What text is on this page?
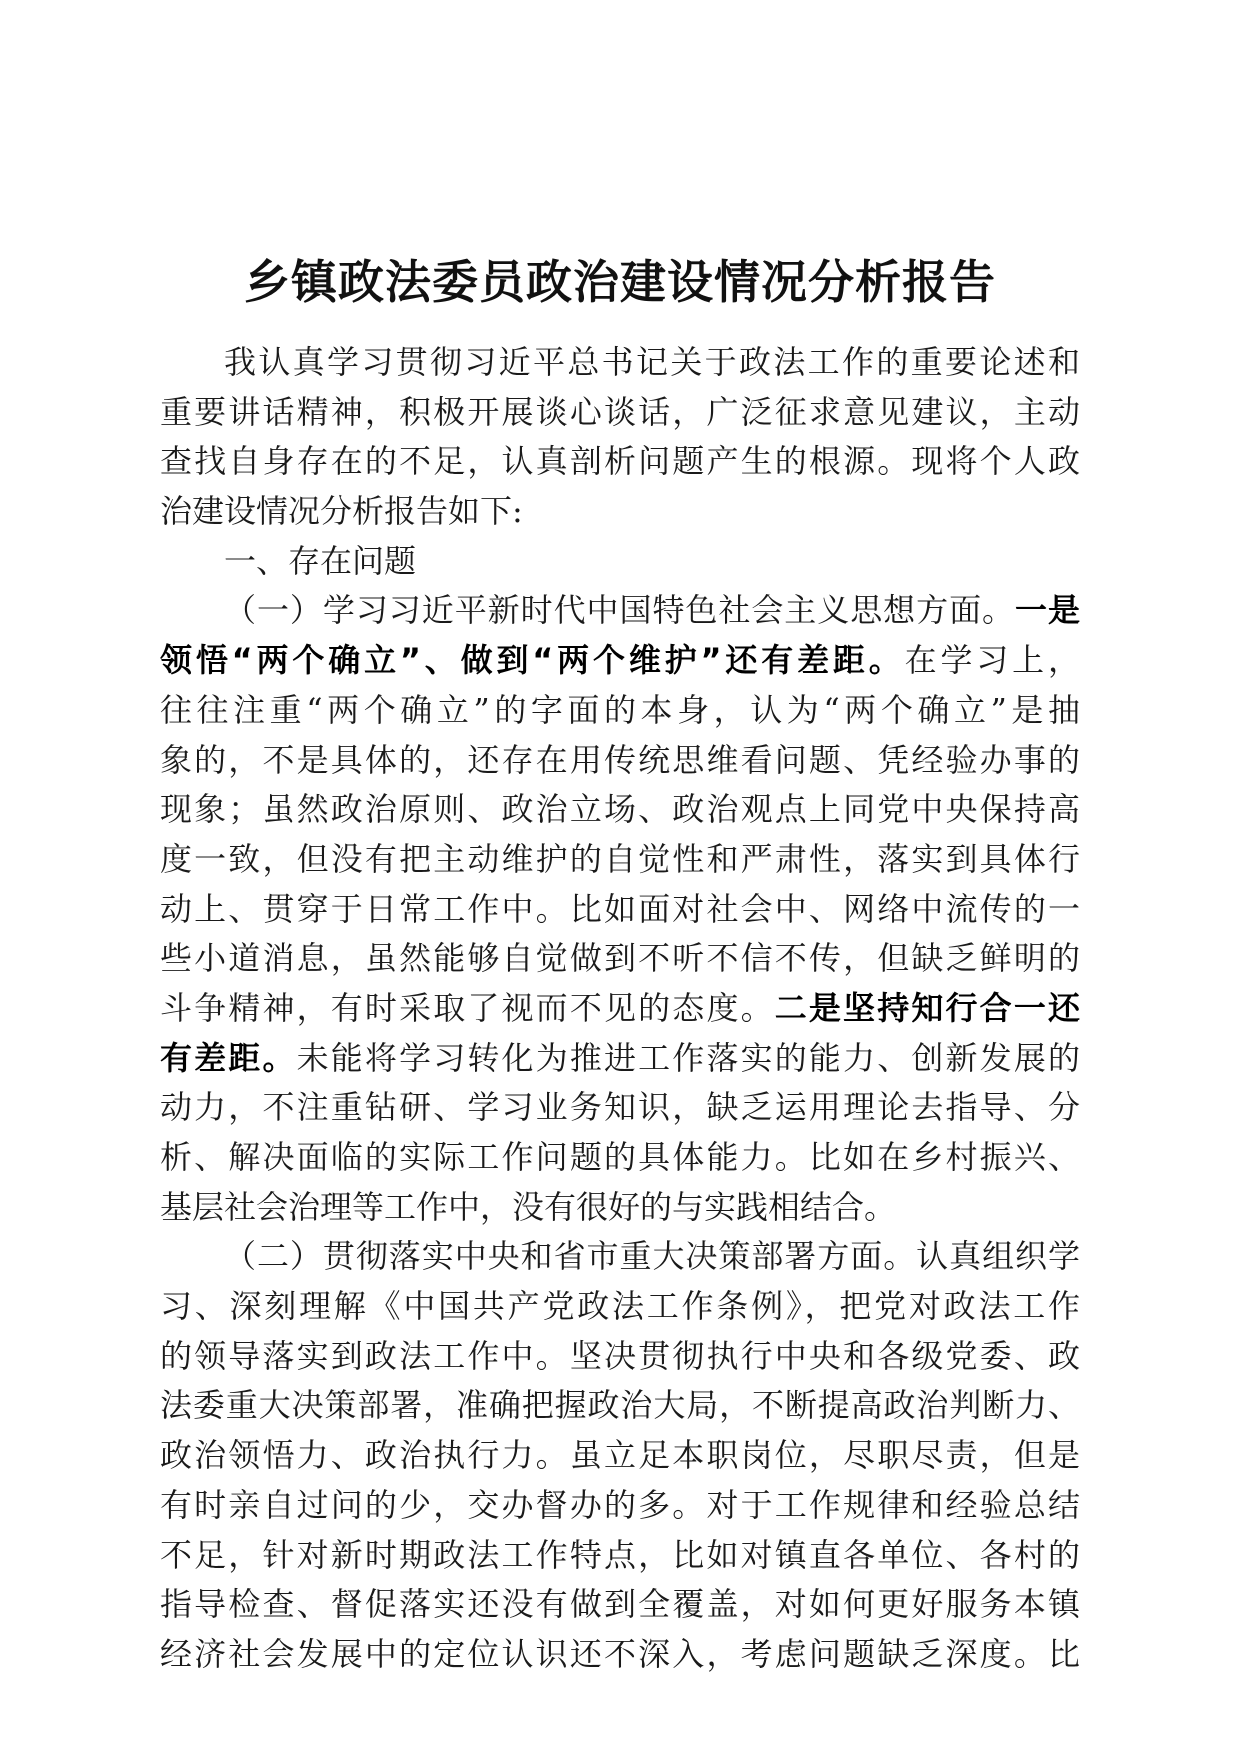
乡镇政法委员政治建设情况分析报告
我认真学习贯彻习近平总书记关于政法工作的重要论述和
重要讲话精神，积极开展谈心谈话，广泛征求意见建议，主动
查找自身存在的不足，认真剖析问题产生的根源。现将个人政
治建设情况分析报告如下:
一、存在问题
（一）学习习近平新时代中国特色社会主义思想方面。一是
领悟“两个确立”、做到“两个维护”还有差距。在学习上，
往往注重“两个确立”的字面的本身，认为“两个确立”是抽
象的，不是具体的，还存在用传统思维看问题、凭经验办事的
现象；虽然政治原则、政治立场、政治观点上同党中央保持高
度一致，但没有把主动维护的自觉性和严肃性，落实到具体行
动上、贯穿于日常工作中。比如面对社会中、网络中流传的一
些小道消息，虽然能够自觉做到不听不信不传，但缺乏鲜明的
斗争精神，有时采取了视而不见的态度。二是坚持知行合一还
有差距。未能将学习转化为推进工作落实的能力、创新发展的
动力，不注重钻研、学习业务知识，缺乏运用理论去指导、分
析、解决面临的实际工作问题的具体能力。比如在乡村振兴、
基层社会治理等工作中，没有很好的与实践相结合。
（二）贯彻落实中央和省市重大决策部署方面。认真组织学
习、深刻理解《中国共产党政法工作条例》，把党对政法工作
的领导落实到政法工作中。坚决贯彻执行中央和各级党委、政
法委重大决策部署，准确把握政治大局，不断提高政治判断力、
政治领悟力、政治执行力。虽立足本职岗位，尽职尽责，但是
有时亲自过问的少，交办督办的多。对于工作规律和经验总结
不足，针对新时期政法工作特点，比如对镇直各单位、各村的
指导检查、督促落实还没有做到全覆盖，对如何更好服务本镇
经济社会发展中的定位认识还不深入，考虑问题缺乏深度。比
